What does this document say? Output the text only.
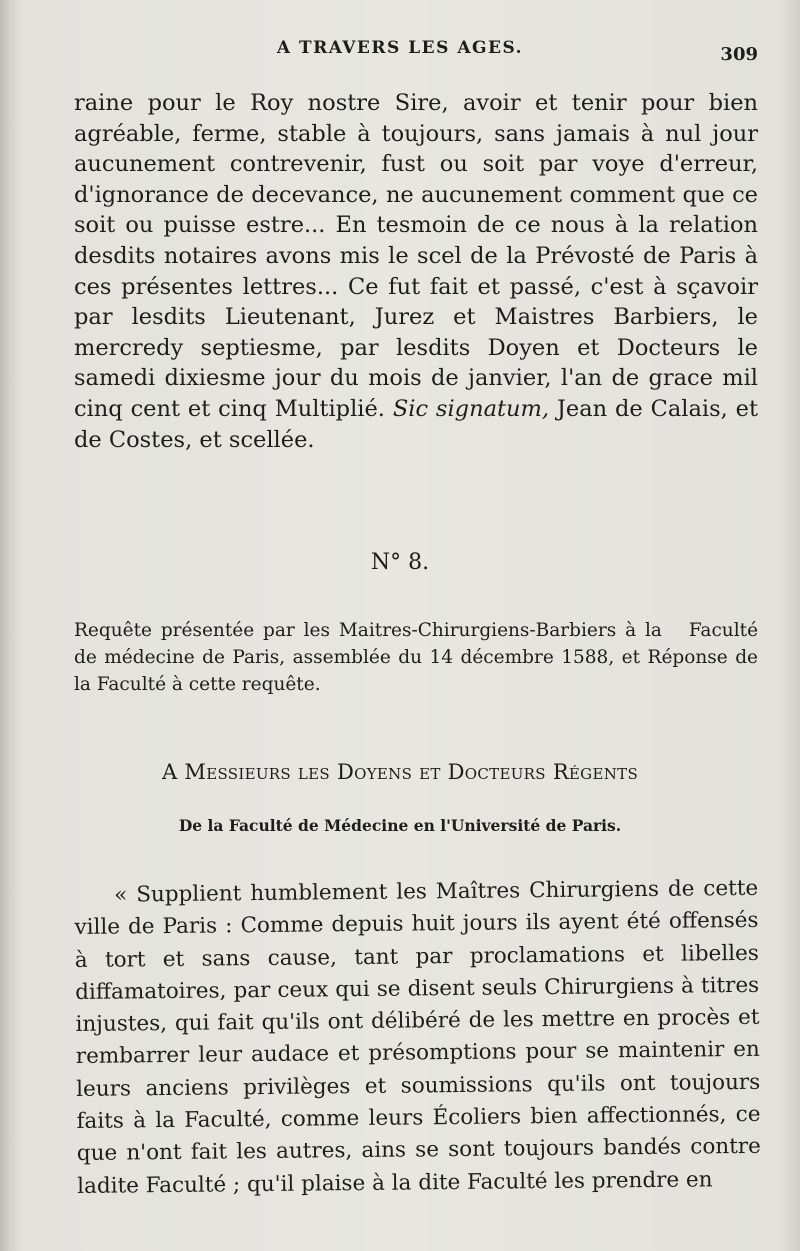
A TRAVERS LES AGES.	309
raine pour le Roy nostre Sire, avoir et tenir pour bien agréable, ferme, stable à toujours, sans jamais à nul jour aucunement contrevenir, fust ou soit par voye d'erreur, d'ignorance de decevance, ne aucunement comment que ce soit ou puisse estre... En tesmoin de ce nous à la relation desdits notaires avons mis le scel de la Prévosté de Paris à ces présentes lettres... Ce fut fait et passé, c'est à sçavoir par lesdits Lieutenant, Jurez et Maistres Barbiers, le mercredy septiesme, par lesdits Doyen et Docteurs le samedi dixiesme jour du mois de janvier, l'an de grace mil cinq cent et cinq Multiplié. Sic signatum, Jean de Calais, et de Costes, et scellée.
N° 8.
Requête présentée par les Maitres-Chirurgiens-Barbiers à la Faculté de médecine de Paris, assemblée du 14 décembre 1588, et Réponse de la Faculté à cette requête.
A Messieurs les Doyens et Docteurs Régents
De la Faculté de Médecine en l'Université de Paris.
« Supplient humblement les Maîtres Chirurgiens de cette ville de Paris : Comme depuis huit jours ils ayent été offensés à tort et sans cause, tant par proclamations et libelles diffamatoires, par ceux qui se disent seuls Chirurgiens à titres injustes, qui fait qu'ils ont délibéré de les mettre en procès et rembarrer leur audace et présomptions pour se maintenir en leurs anciens privilèges et soumissions qu'ils ont toujours faits à la Faculté, comme leurs Écoliers bien affectionnés, ce que n'ont fait les autres, ains se sont toujours bandés contre ladite Faculté ; qu'il plaise à la dite Faculté les prendre en
